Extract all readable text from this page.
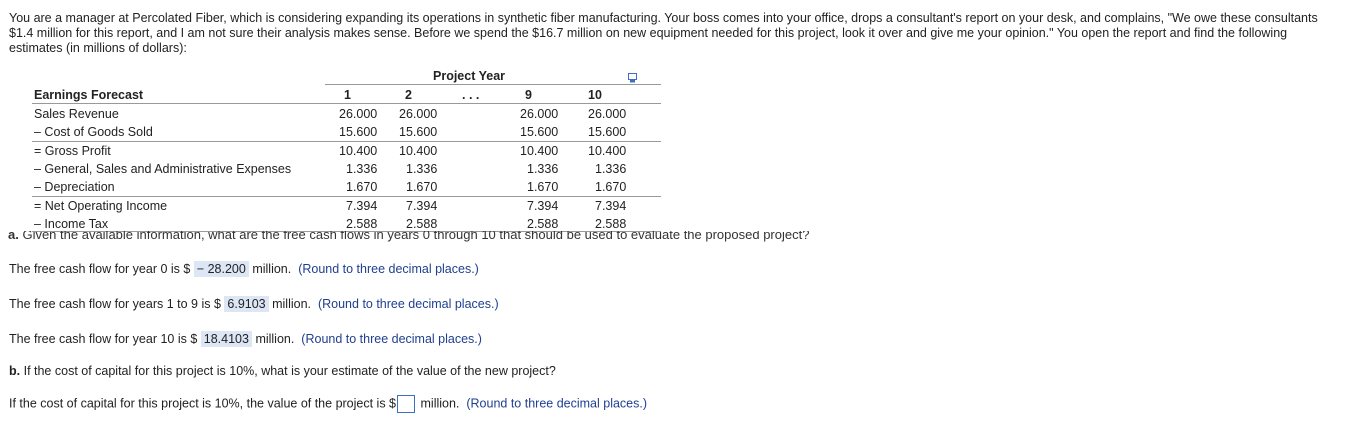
You are a manager at Percolated Fiber, which is considering expanding its operations in synthetic fiber manufacturing. Your boss comes into your office, drops a consultant's report on your desk, and complains, "We owe these consultants $1.4 million for this report, and I am not sure their analysis makes sense. Before we spend the $16.7 million on new equipment needed for this project, look it over and give me your opinion." You open the report and find the following estimates (in millions of dollars):
Project Year
Earnings Forecast	1	2	. . .	9	10
Sales Revenue	26.000 26.000	26.000 26.000
– Cost of Goods Sold	15.600 15.600	15.600 15.600
= Gross Profit	10.400 10.400	10.400 10.400
– General, Sales and Administrative Expenses	1.336 1.336	1.336	1.336
– Depreciation	1.670 1.670	1.670	1.670
= Net Operating Income	7.394 7.394	7.394	7.394
– Income Tax	2.588 2.588	2.588	2.588
a. Given the available information, what are the free cash flows in years 0 through 10 that should be used to evaluate the proposed project?
The free cash flow for year 0 is $ − 28.200 million. (Round to three decimal places.)
The free cash flow for years 1 to 9 is $ 6.9103 million. (Round to three decimal places.)
The free cash flow for year 10 is $ 18.4103 million. (Round to three decimal places.)
b. If the cost of capital for this project is 10%, what is your estimate of the value of the new project?
If the cost of capital for this project is 10%, the value of the project is $ million. (Round to three decimal places.)
